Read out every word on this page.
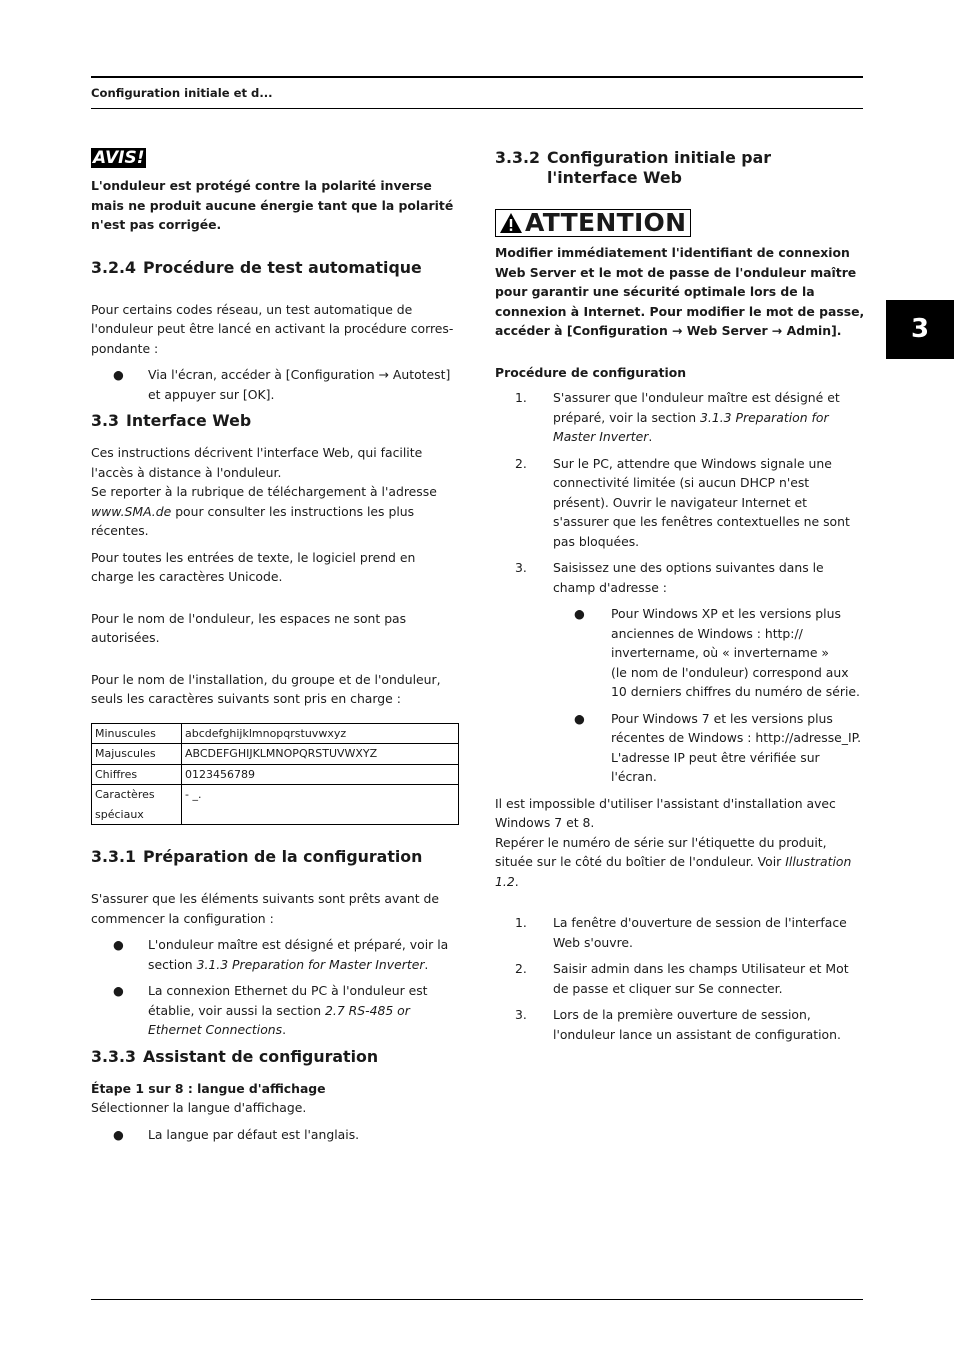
Configuration initiale et d...
3
AVIS!

L'onduleur est protégé contre la polarité inverse mais ne produit aucune énergie tant que la polarité n'est pas corrigée.

3.2.4 Procédure de test automatique

Pour certains codes réseau, un test automatique de l'onduleur peut être lancé en activant la procédure corres- pondante :

● Via l'écran, accéder à [Configuration → Autotest] et appuyer sur [OK].
3.3 Interface Web

Ces instructions décrivent l'interface Web, qui facilite l'accès à distance à l'onduleur.

Se reporter à la rubrique de téléchargement à l'adresse www.SMA.de pour consulter les instructions les plus récentes.

Pour toutes les entrées de texte, le logiciel prend en charge les caractères Unicode.

Pour le nom de l'onduleur, les espaces ne sont pas autorisées.

Pour le nom de l'installation, du groupe et de l'onduleur, seuls les caractères suivants sont pris en charge :

Minuscules	abcdefghijklmnopqrstuvwxyz
Majuscules	ABCDEFGHIJKLMNOPQRSTUVWXYZ
Chiffres	0123456789
Caractères spéciaux	- _.
3.3.1 Préparation de la configuration

S'assurer que les éléments suivants sont prêts avant de commencer la configuration :

● L'onduleur maître est désigné et préparé, voir la section 3.1.3 Preparation for Master Inverter.
● La connexion Ethernet du PC à l'onduleur est établie, voir aussi la section 2.7 RS-485 or Ethernet Connections.
3.3.3 Assistant de configuration

Étape 1 sur 8 : langue d'affichage
Sélectionner la langue d'affichage.

● La langue par défaut est l'anglais.
3.3.2 Configuration initiale par l'interface Web
ATTENTION

Modifier immédiatement l'identifiant de connexion Web Server et le mot de passe de l'onduleur maître pour garantir une sécurité optimale lors de la connexion à Internet. Pour modifier le mot de passe, accéder à [Configuration → Web Server → Admin].

Procédure de configuration

1. S'assurer que l'onduleur maître est désigné et préparé, voir la section 3.1.3 Preparation for Master Inverter.
2. Sur le PC, attendre que Windows signale une connectivité limitée (si aucun DHCP n'est présent). Ouvrir le navigateur Internet et s'assurer que les fenêtres contextuelles ne sont pas bloquées.
3. Saisissez une des options suivantes dans le champ d'adresse :
● Pour Windows XP et les versions plus anciennes de Windows : http:// invertername, où « invertername »       (le nom de l'onduleur) correspond aux 10 derniers chiffres du numéro de série.
● Pour Windows 7 et les versions plus récentes de Windows : http://adresse_IP. L'adresse IP peut être vérifiée sur l'écran.

Il est impossible d'utiliser l'assistant d'installation avec Windows 7 et 8.

Repérer le numéro de série sur l'étiquette du produit, située sur le côté du boîtier de l'onduleur. Voir Illustration 1.2.

1. La fenêtre d'ouverture de session de l'interface Web s'ouvre.
2. Saisir admin dans les champs Utilisateur et Mot de passe et cliquer sur Se connecter.
3. Lors de la première ouverture de session, l'onduleur lance un assistant de configuration.
